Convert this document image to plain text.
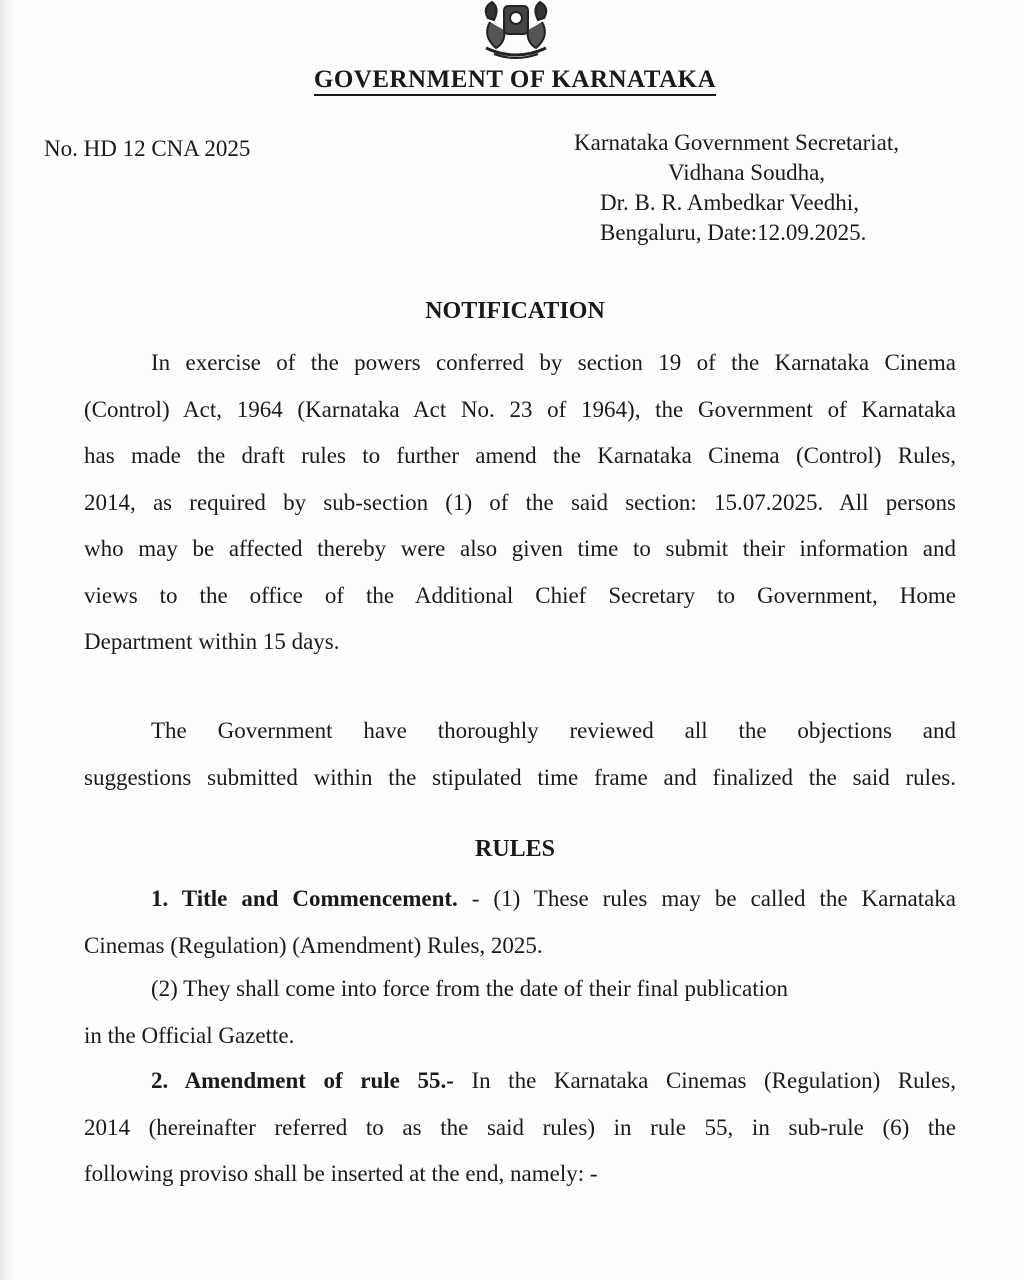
GOVERNMENT OF KARNATAKA
No. HD 12 CNA 2025	Karnataka Government Secretariat,
Vidhana Soudha,
Dr. B. R. Ambedkar Veedhi,
Bengaluru, Date:12.09.2025.
NOTIFICATION
In exercise of the powers conferred by section 19 of the Karnataka Cinema
(Control) Act, 1964 (Karnataka Act No. 23 of 1964), the Government of Karnataka
has made the draft rules to further amend the Karnataka Cinema (Control) Rules,
2014, as required by sub-section (1) of the said section: 15.07.2025. All persons
who may be affected thereby were also given time to submit their information and
views to the office of the Additional Chief Secretary to Government, Home
Department within 15 days.
The Government have thoroughly reviewed all the objections and
suggestions submitted within the stipulated time frame and finalized the said rules.
RULES
1. Title and Commencement. - (1) These rules may be called the Karnataka
Cinemas (Regulation) (Amendment) Rules, 2025.
(2) They shall come into force from the date of their final publication
in the Official Gazette.
2. Amendment of rule 55.- In the Karnataka Cinemas (Regulation) Rules,
2014 (hereinafter referred to as the said rules) in rule 55, in sub-rule (6) the
following proviso shall be inserted at the end, namely: -
